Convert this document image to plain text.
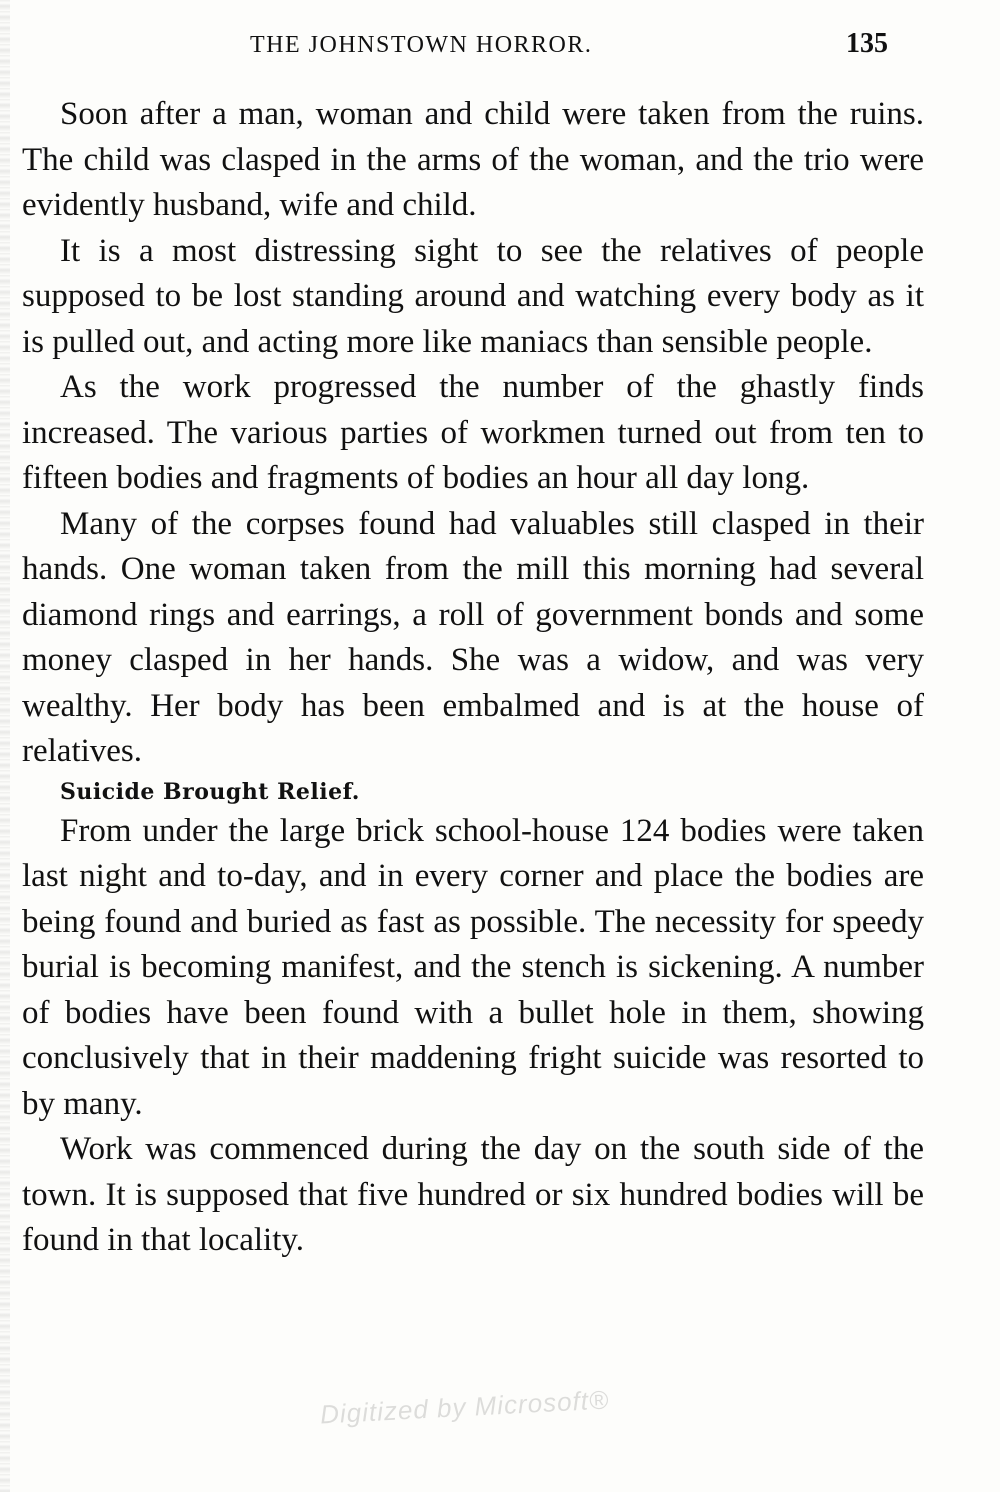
THE JOHNSTOWN HORROR.	135

Soon after a man, woman and child were taken from the ruins. The child was clasped in the arms of the woman, and the trio were evidently husband, wife and child.

It is a most distressing sight to see the relatives of people supposed to be lost standing around and watching every body as it is pulled out, and acting more like maniacs than sensible people.

As the work progressed the number of the ghastly finds increased. The various parties of workmen turned out from ten to fifteen bodies and fragments of bodies an hour all day long.

Many of the corpses found had valuables still clasped in their hands. One woman taken from the mill this morning had several diamond rings and earrings, a roll of government bonds and some money clasped in her hands. She was a widow, and was very wealthy. Her body has been embalmed and is at the house of relatives.

Suicide Brought Relief.

From under the large brick school-house 124 bodies were taken last night and to-day, and in every corner and place the bodies are being found and buried as fast as possible. The necessity for speedy burial is becoming manifest, and the stench is sickening. A number of bodies have been found with a bullet hole in them, showing conclusively that in their maddening fright suicide was resorted to by many.

Work was commenced during the day on the south side of the town. It is supposed that five hundred or six hundred bodies will be found in that locality.

Digitized by Microsoft®
